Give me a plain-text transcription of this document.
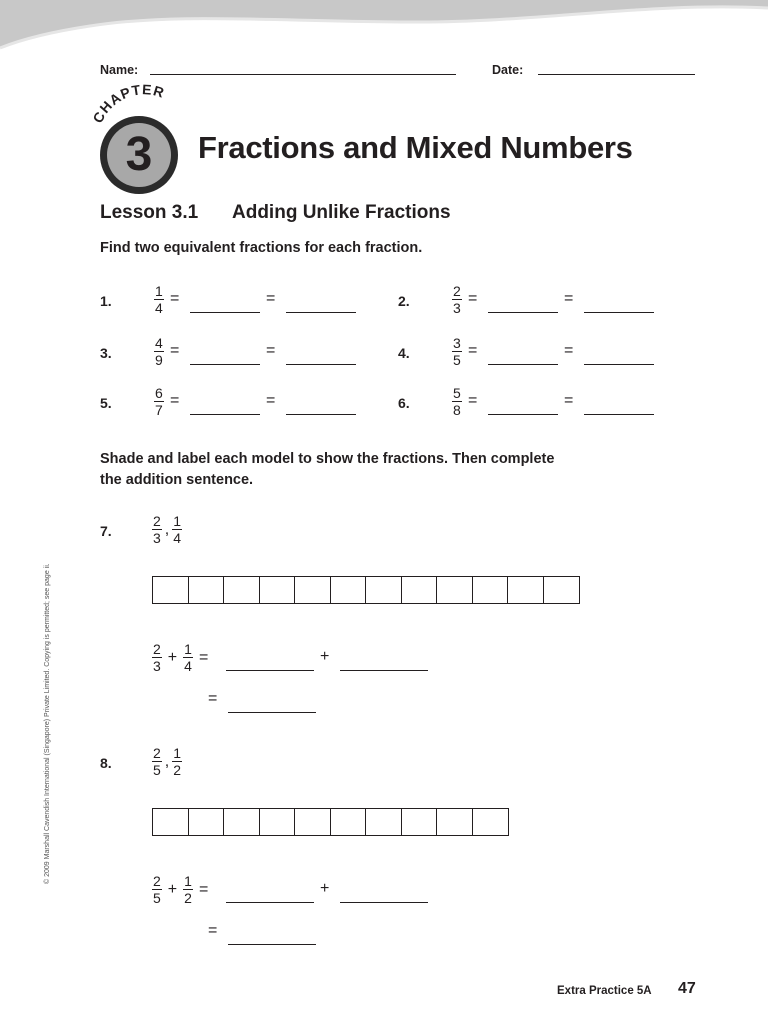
Name:	Date:
CHAPTER
3	Fractions and Mixed Numbers
Lesson 3.1 Adding Unlike Fractions
Find two equivalent fractions for each fraction.
1.	$\frac{1}{4}$ =	=	2.	$\frac{2}{3}$ =	=
3.	$\frac{4}{9}$ =	=	4.	$\frac{3}{5}$ =	=
5.	$\frac{6}{7}$ =	=	6.	$\frac{5}{8}$ =	=
Shade and label each model to show the fractions. Then complete
the addition sentence.
7.	$\frac{2}{3}$ , $\frac{1}{4}$
$\frac{2}{3} + \frac{1}{4}$ =	+
=
8.	$\frac{2}{5}$ , $\frac{1}{2}$
$\frac{2}{5} + \frac{1}{2}$ =	+
=
© 2009 Marshall Cavendish International (Singapore) Private Limited. Copying is permitted; see page ii.
Extra Practice 5A 47
